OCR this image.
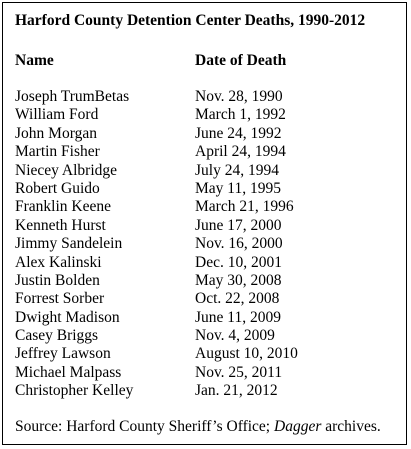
Harford County Detention Center Deaths, 1990-2012
Name	Date of Death
Joseph TrumBetas	Nov. 28, 1990
William Ford	March 1, 1992
John Morgan	June 24, 1992
Martin Fisher	April 24, 1994
Niecey Albridge	July 24, 1994
Robert Guido	May 11, 1995
Franklin Keene	March 21, 1996
Kenneth Hurst	June 17, 2000
Jimmy Sandelein	Nov. 16, 2000
Alex Kalinski	Dec. 10, 2001
Justin Bolden	May 30, 2008
Forrest Sorber	Oct. 22, 2008
Dwight Madison	June 11, 2009
Casey Briggs	Nov. 4, 2009
Jeffrey Lawson	August 10, 2010
Michael Malpass	Nov. 25, 2011
Christopher Kelley	Jan. 21, 2012
Source: Harford County Sheriff’s Office; Dagger archives.
